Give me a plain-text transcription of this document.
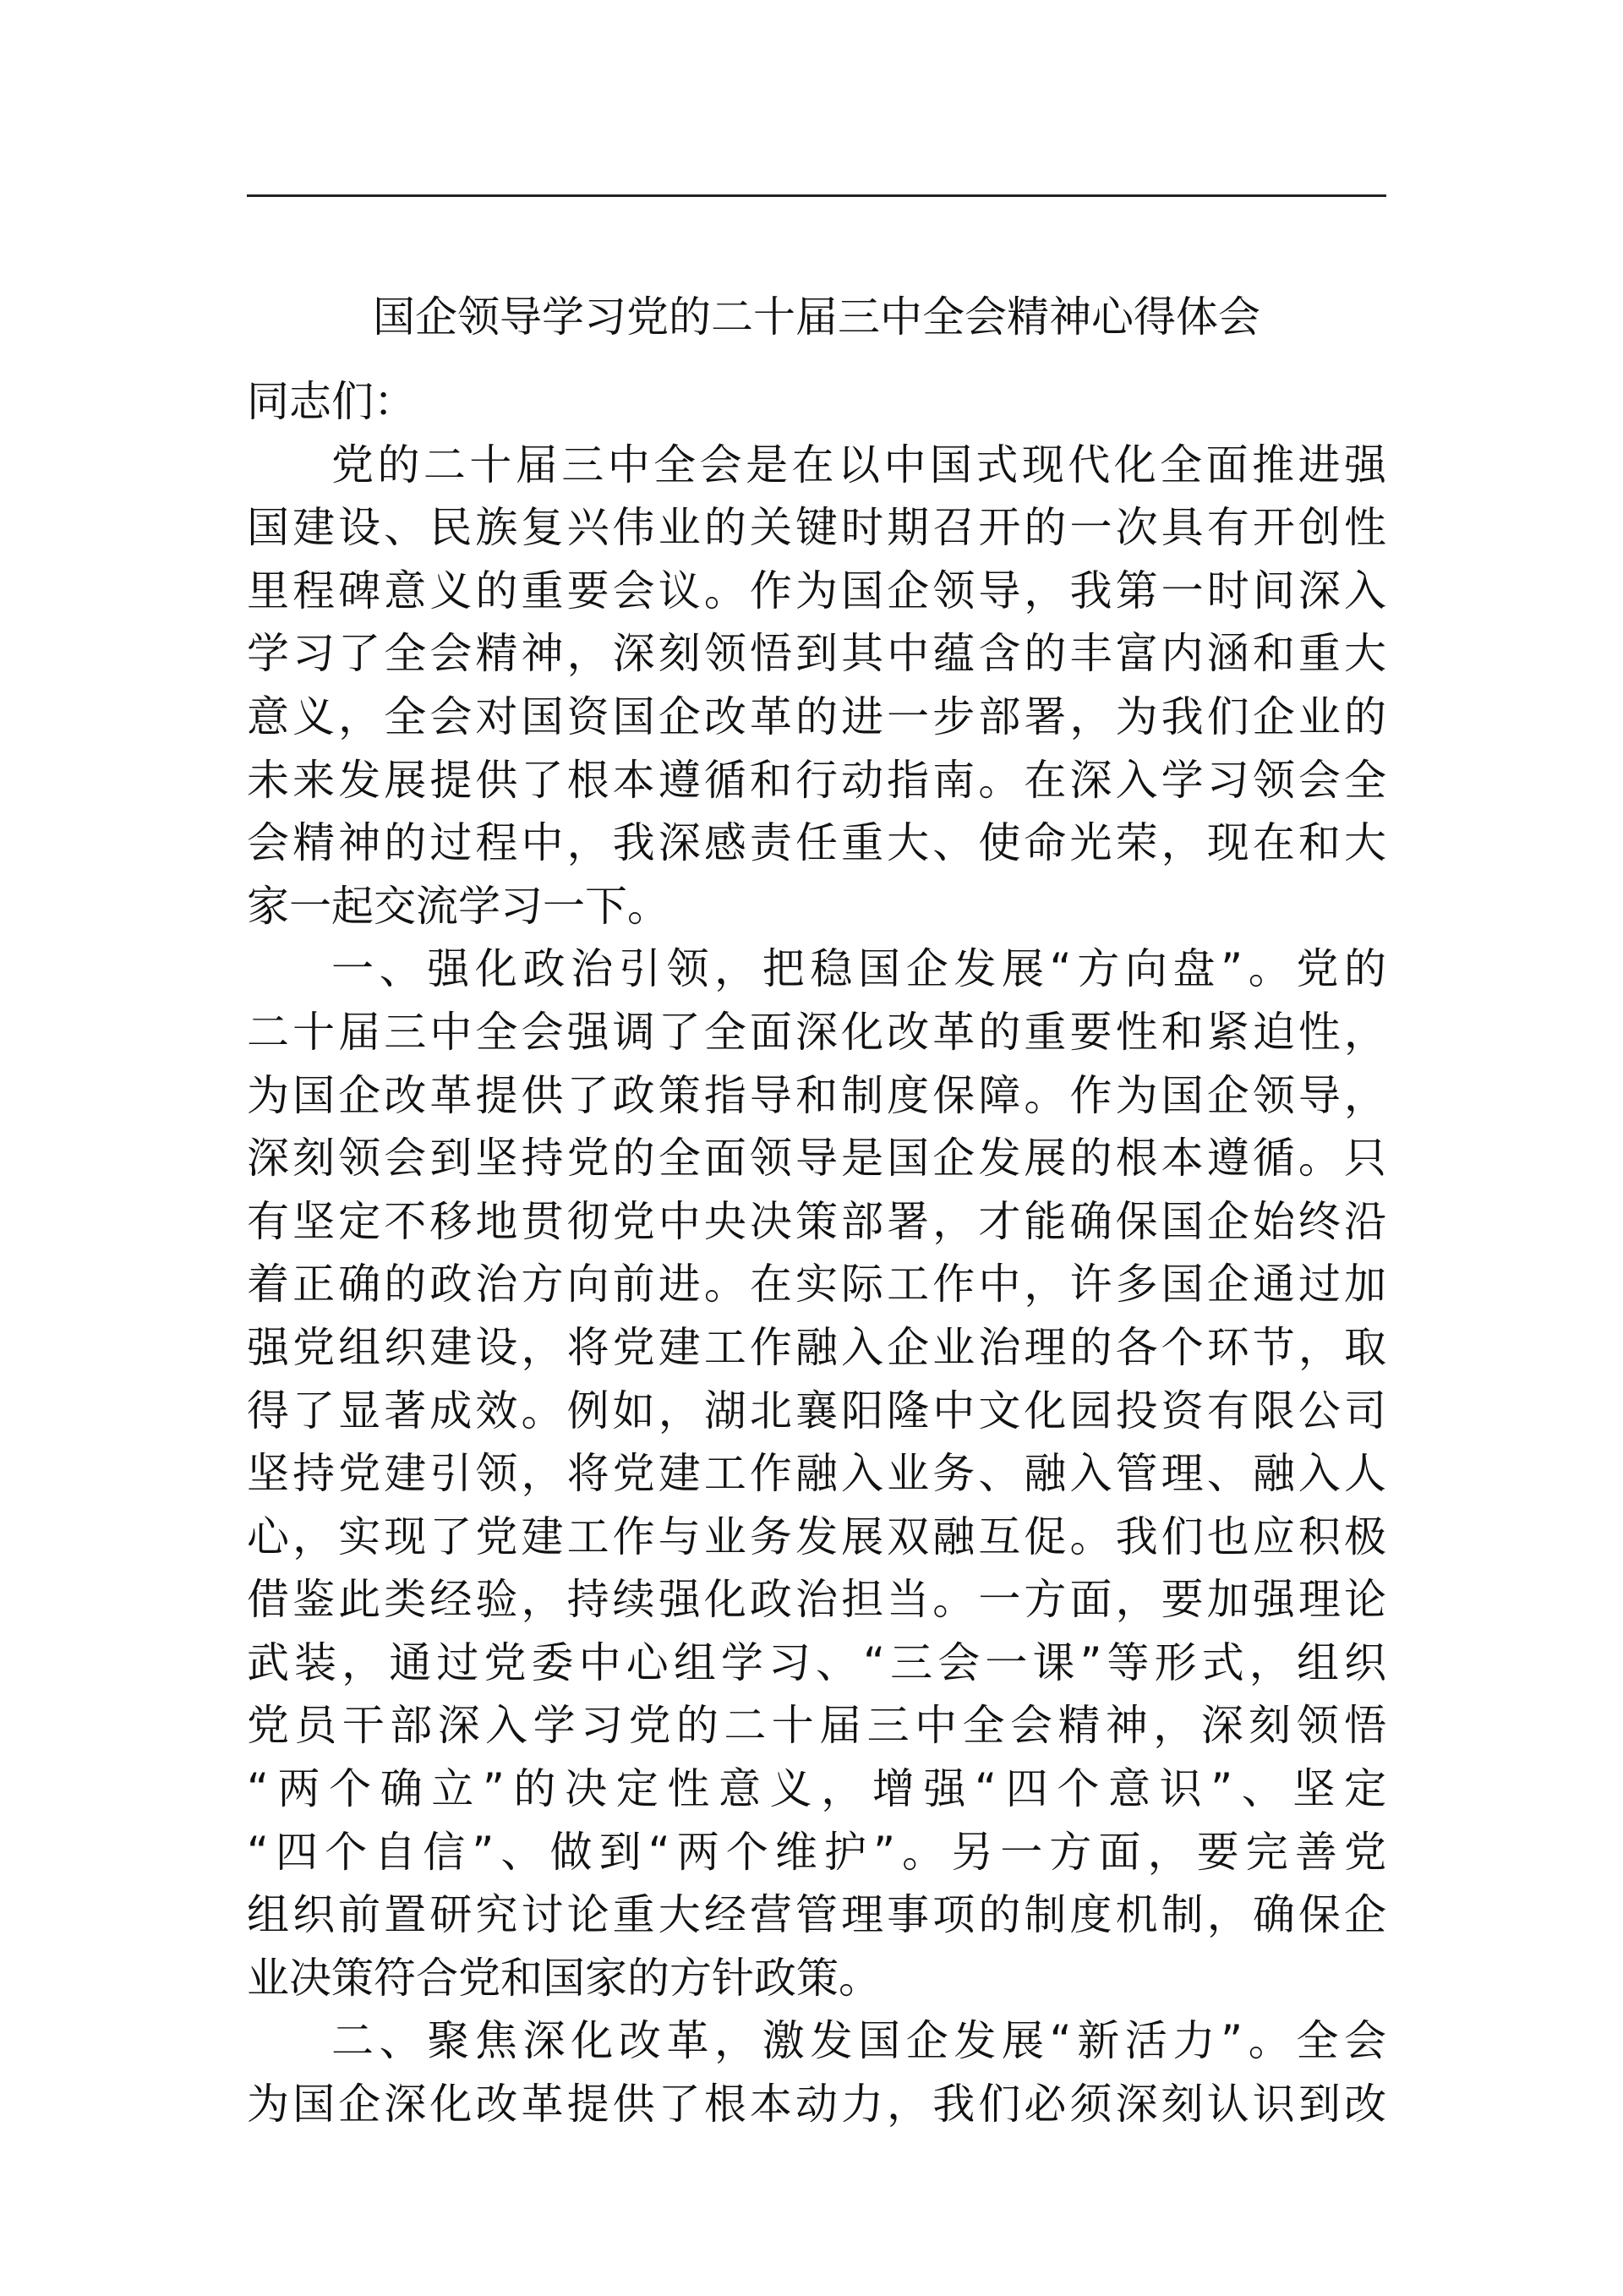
国企领导学习党的二十届三中全会精神心得体会
同志们：
党的二十届三中全会是在以中国式现代化全面推进强
国建设、民族复兴伟业的关键时期召开的一次具有开创性
里程碑意义的重要会议。作为国企领导，我第一时间深入
学习了全会精神，深刻领悟到其中蕴含的丰富内涵和重大
意义，全会对国资国企改革的进一步部署，为我们企业的
未来发展提供了根本遵循和行动指南。在深入学习领会全
会精神的过程中，我深感责任重大、使命光荣，现在和大
家一起交流学习一下。
一、强化政治引领，把稳国企发展“方向盘”。党的
二十届三中全会强调了全面深化改革的重要性和紧迫性，
为国企改革提供了政策指导和制度保障。作为国企领导，
深刻领会到坚持党的全面领导是国企发展的根本遵循。只
有坚定不移地贯彻党中央决策部署，才能确保国企始终沿
着正确的政治方向前进。在实际工作中，许多国企通过加
强党组织建设，将党建工作融入企业治理的各个环节，取
得了显著成效。例如，湖北襄阳隆中文化园投资有限公司
坚持党建引领，将党建工作融入业务、融入管理、融入人
心，实现了党建工作与业务发展双融互促。我们也应积极
借鉴此类经验，持续强化政治担当。一方面，要加强理论
武装，通过党委中心组学习、“三会一课”等形式，组织
党员干部深入学习党的二十届三中全会精神，深刻领悟
“两个确立”的决定性意义，增强“四个意识”、坚定
“四个自信”、做到“两个维护”。另一方面，要完善党
组织前置研究讨论重大经营管理事项的制度机制，确保企
业决策符合党和国家的方针政策。
二、聚焦深化改革，激发国企发展“新活力”。全会
为国企深化改革提供了根本动力，我们必须深刻认识到改
